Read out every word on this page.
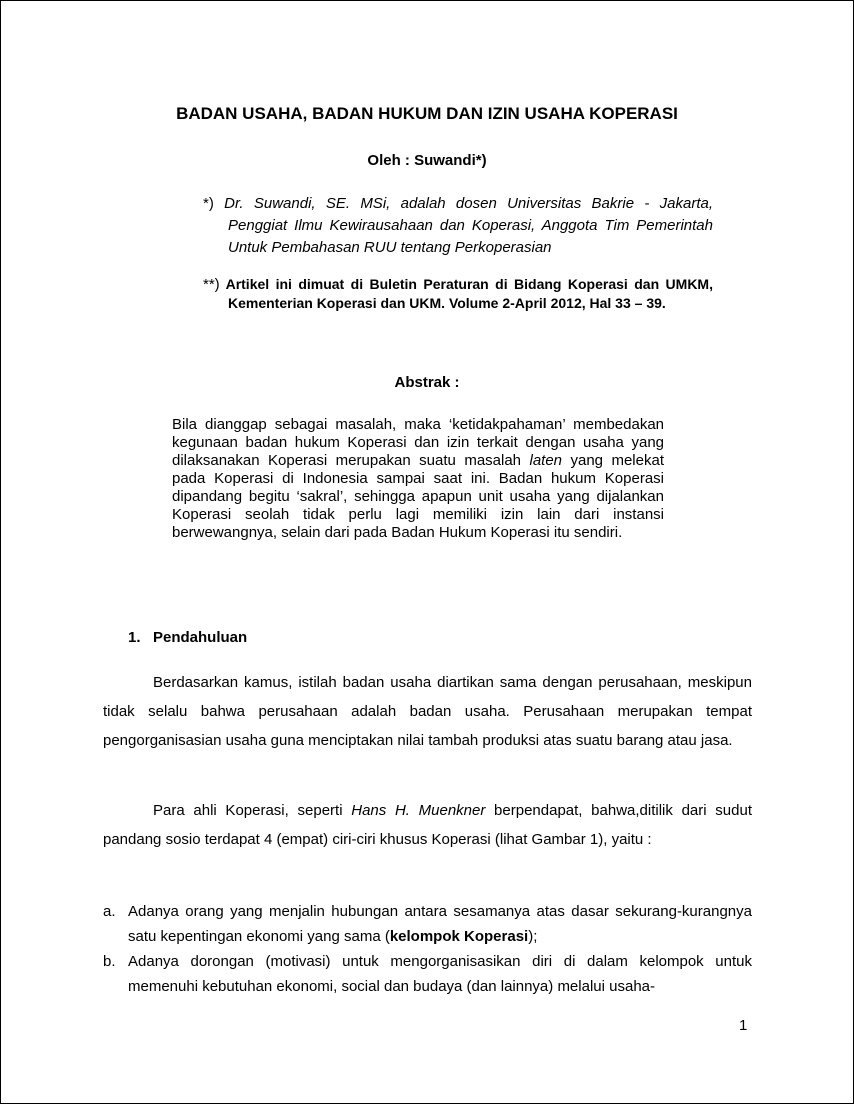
BADAN USAHA, BADAN HUKUM DAN IZIN USAHA KOPERASI
Oleh : Suwandi*)
*) Dr. Suwandi, SE. MSi, adalah dosen Universitas Bakrie - Jakarta, Penggiat Ilmu Kewirausahaan dan Koperasi, Anggota Tim Pemerintah Untuk Pembahasan RUU tentang Perkoperasian
**) Artikel ini dimuat di Buletin Peraturan di Bidang Koperasi dan UMKM, Kementerian Koperasi dan UKM. Volume 2-April 2012, Hal 33 – 39.
Abstrak :
Bila dianggap sebagai masalah, maka ‘ketidakpahaman’ membedakan kegunaan badan hukum Koperasi dan izin terkait dengan usaha yang dilaksanakan Koperasi merupakan suatu masalah laten yang melekat pada Koperasi di Indonesia sampai saat ini. Badan hukum Koperasi dipandang begitu ‘sakral’, sehingga apapun unit usaha yang dijalankan Koperasi seolah tidak perlu lagi memiliki izin lain dari instansi berwewangnya, selain dari pada Badan Hukum Koperasi itu sendiri.
1. Pendahuluan
Berdasarkan kamus, istilah badan usaha diartikan sama dengan perusahaan, meskipun tidak selalu bahwa perusahaan adalah badan usaha. Perusahaan merupakan tempat pengorganisasian usaha guna menciptakan nilai tambah produksi atas suatu barang atau jasa.
Para ahli Koperasi, seperti Hans H. Muenkner berpendapat, bahwa,ditilik dari sudut pandang sosio terdapat 4 (empat) ciri-ciri khusus Koperasi (lihat Gambar 1), yaitu :
a. Adanya orang yang menjalin hubungan antara sesamanya atas dasar sekurang-kurangnya satu kepentingan ekonomi yang sama (kelompok Koperasi);
b. Adanya dorongan (motivasi) untuk mengorganisasikan diri di dalam kelompok untuk memenuhi kebutuhan ekonomi, social dan budaya (dan lainnya) melalui usaha-
1
